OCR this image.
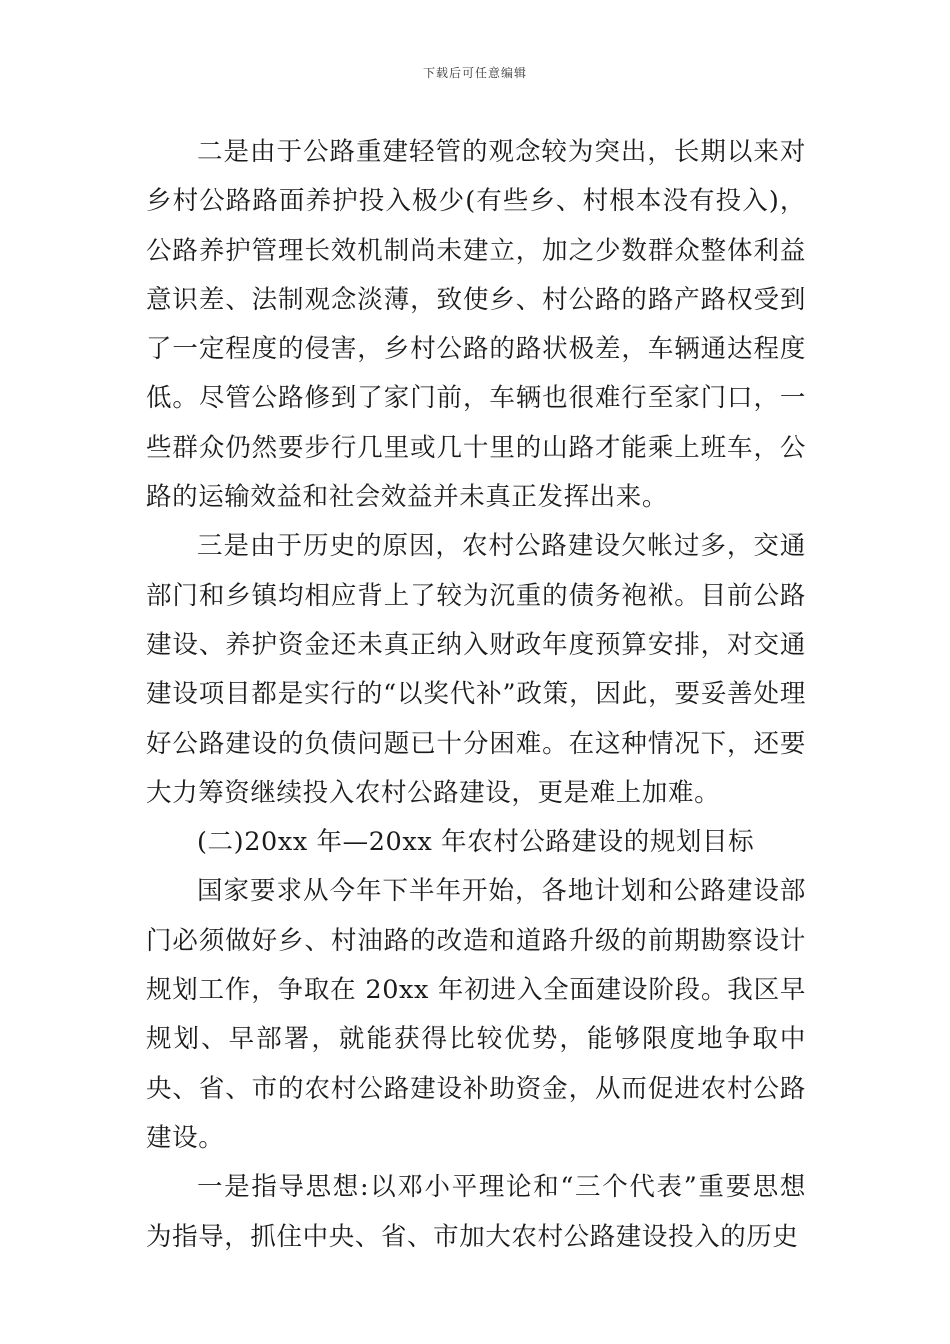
下载后可任意编辑

二是由于公路重建轻管的观念较为突出，长期以来对乡村公路路面养护投入极少(有些乡、村根本没有投入)，公路养护管理长效机制尚未建立，加之少数群众整体利益意识差、法制观念淡薄，致使乡、村公路的路产路权受到了一定程度的侵害，乡村公路的路状极差，车辆通达程度低。尽管公路修到了家门前，车辆也很难行至家门口，一些群众仍然要步行几里或几十里的山路才能乘上班车，公路的运输效益和社会效益并未真正发挥出来。

三是由于历史的原因，农村公路建设欠帐过多，交通部门和乡镇均相应背上了较为沉重的债务袍袱。目前公路建设、养护资金还未真正纳入财政年度预算安排，对交通建设项目都是实行的“以奖代补”政策，因此，要妥善处理好公路建设的负债问题已十分困难。在这种情况下，还要大力筹资继续投入农村公路建设，更是难上加难。

(二)20xx 年—20xx 年农村公路建设的规划目标

国家要求从今年下半年开始，各地计划和公路建设部门必须做好乡、村油路的改造和道路升级的前期勘察设计规划工作，争取在 20xx 年初进入全面建设阶段。我区早规划、早部署，就能获得比较优势，能够限度地争取中央、省、市的农村公路建设补助资金，从而促进农村公路建设。

一是指导思想:以邓小平理论和“三个代表”重要思想为指导，抓住中央、省、市加大农村公路建设投入的历史
